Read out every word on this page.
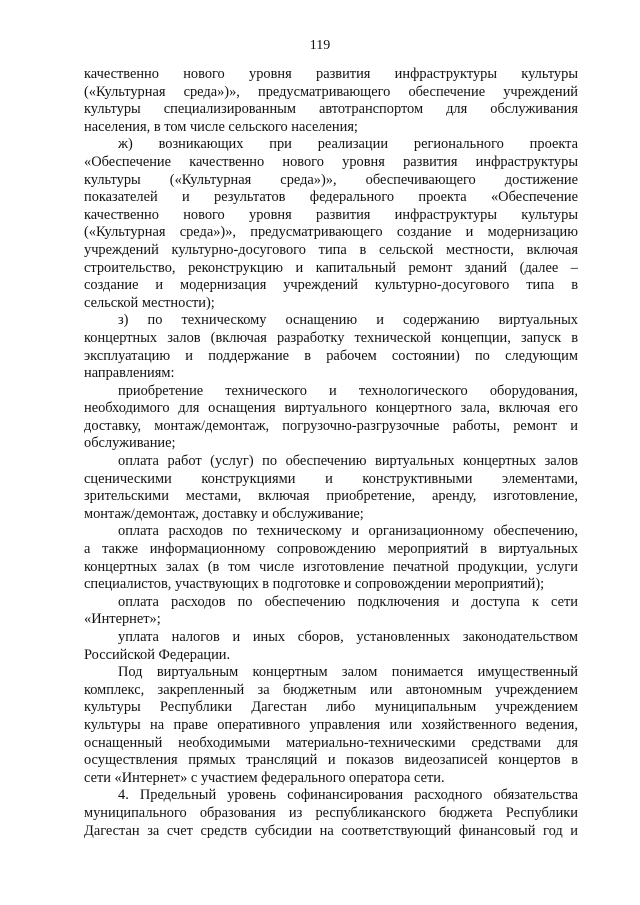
119

качественно нового уровня развития инфраструктуры культуры

(«Культурная среда»)», предусматривающего обеспечение учреждений

культуры специализированным автотранспортом для обслуживания

населения, в том числе сельского населения;

ж) возникающих при реализации регионального проекта

«Обеспечение качественно нового уровня развития инфраструктуры

культуры («Культурная среда»)», обеспечивающего достижение

показателей и результатов федерального проекта «Обеспечение

качественно нового уровня развития инфраструктуры культуры

(«Культурная среда»)», предусматривающего создание и модернизацию

учреждений культурно-досугового типа в сельской местности, включая

строительство, реконструкцию и капитальный ремонт зданий (далее –

создание и модернизация учреждений культурно-досугового типа в

сельской местности);

з) по техническому оснащению и содержанию виртуальных

концертных залов (включая разработку технической концепции, запуск в

эксплуатацию и поддержание в рабочем состоянии) по следующим

направлениям:

приобретение технического и технологического оборудования,

необходимого для оснащения виртуального концертного зала, включая его

доставку, монтаж/демонтаж, погрузочно-разгрузочные работы, ремонт и

обслуживание;

оплата работ (услуг) по обеспечению виртуальных концертных залов

сценическими конструкциями и конструктивными элементами,

зрительскими местами, включая приобретение, аренду, изготовление,

монтаж/демонтаж, доставку и обслуживание;

оплата расходов по техническому и организационному обеспечению,

а также информационному сопровождению мероприятий в виртуальных

концертных залах (в том числе изготовление печатной продукции, услуги

специалистов, участвующих в подготовке и сопровождении мероприятий);

оплата расходов по обеспечению подключения и доступа к сети

«Интернет»;

уплата налогов и иных сборов, установленных законодательством

Российской Федерации.

Под виртуальным концертным залом понимается имущественный

комплекс, закрепленный за бюджетным или автономным учреждением

культуры Республики Дагестан либо муниципальным учреждением

культуры на праве оперативного управления или хозяйственного ведения,

оснащенный необходимыми материально-техническими средствами для

осуществления прямых трансляций и показов видеозаписей концертов в

сети «Интернет» с участием федерального оператора сети.

4. Предельный уровень софинансирования расходного обязательства

муниципального образования из республиканского бюджета Республики

Дагестан за счет средств субсидии на соответствующий финансовый год и
